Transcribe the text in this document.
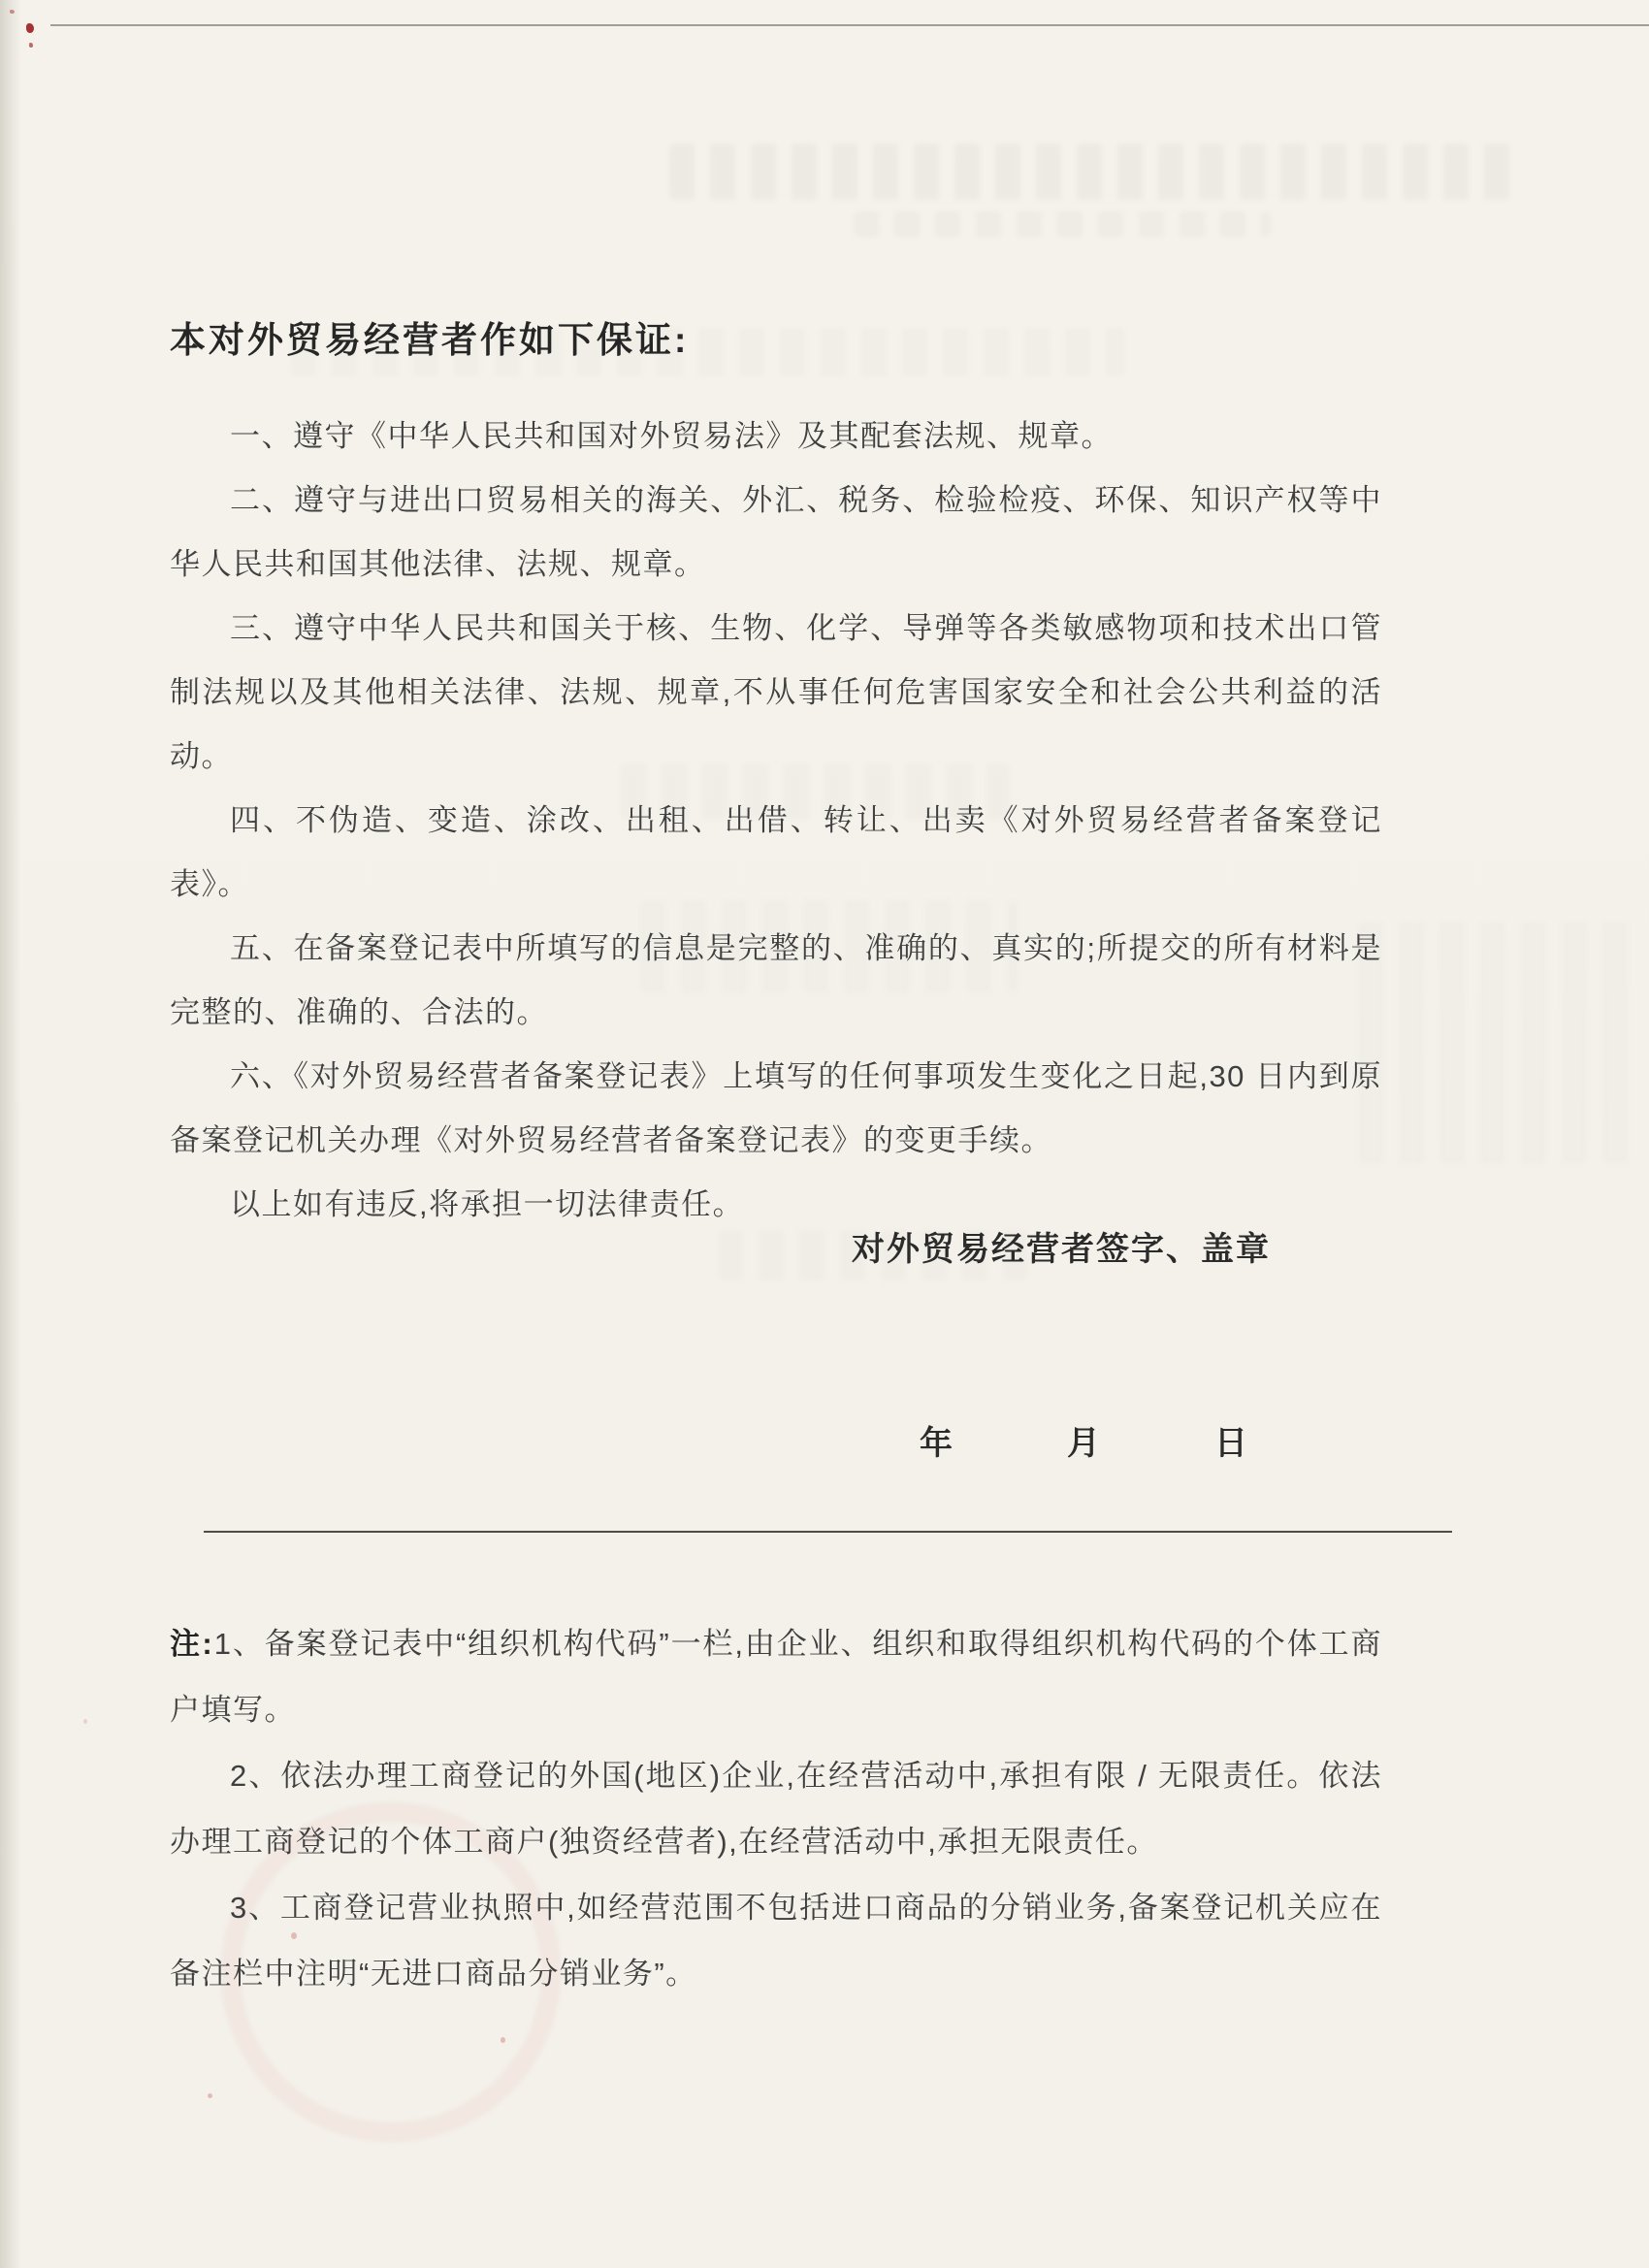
本对外贸易经营者作如下保证:

一、遵守《中华人民共和国对外贸易法》及其配套法规、规章。

二、遵守与进出口贸易相关的海关、外汇、税务、检验检疫、环保、知识产权等中华人民共和国其他法律、法规、规章。

三、遵守中华人民共和国关于核、生物、化学、导弹等各类敏感物项和技术出口管制法规以及其他相关法律、法规、规章,不从事任何危害国家安全和社会公共利益的活动。

四、不伪造、变造、涂改、出租、出借、转让、出卖《对外贸易经营者备案登记表》。

五、在备案登记表中所填写的信息是完整的、准确的、真实的;所提交的所有材料是完整的、准确的、合法的。

六、《对外贸易经营者备案登记表》上填写的任何事项发生变化之日起,30 日内到原备案登记机关办理《对外贸易经营者备案登记表》的变更手续。

以上如有违反,将承担一切法律责任。

对外贸易经营者签字、盖章
年	月	日

注:1、备案登记表中“组织机构代码”一栏,由企业、组织和取得组织机构代码的个体工商户填写。

2、依法办理工商登记的外国(地区)企业,在经营活动中,承担有限 / 无限责任。依法办理工商登记的个体工商户(独资经营者),在经营活动中,承担无限责任。

3、工商登记营业执照中,如经营范围不包括进口商品的分销业务,备案登记机关应在备注栏中注明“无进口商品分销业务”。
